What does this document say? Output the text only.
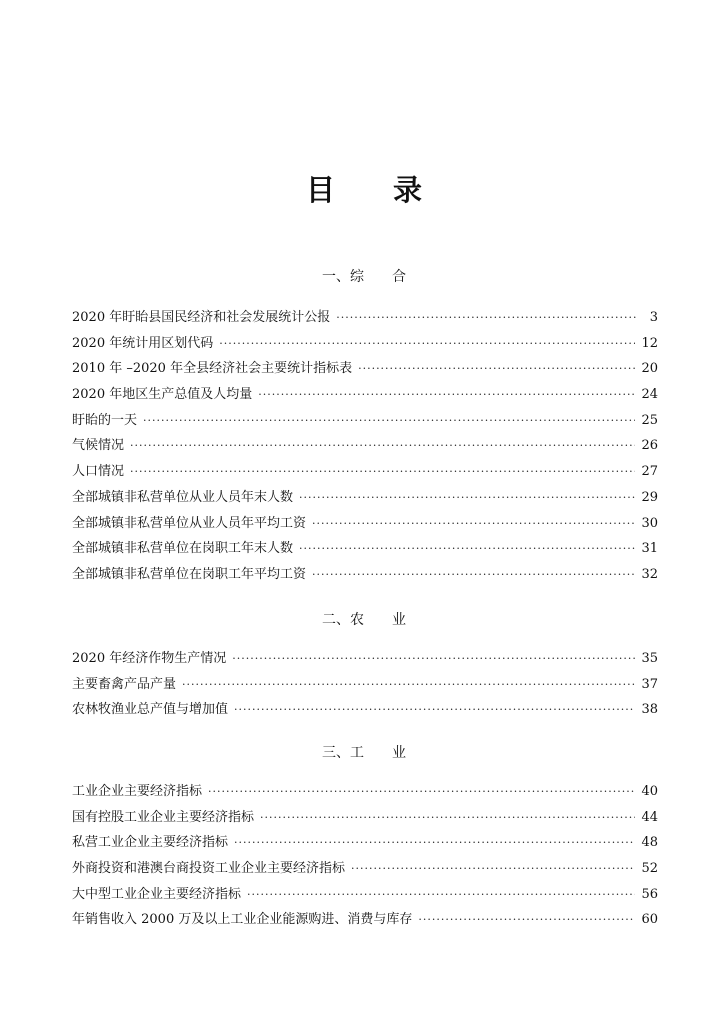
目 录
一、综　　合
2020 年盱眙县国民经济和社会发展统计公报 ·····	3
2020 年统计用区划代码 ·····	12
2010 年 –2020 年全县经济社会主要统计指标表 ·····	20
2020 年地区生产总值及人均量 ·····	24
盱眙的一天 ·····	25
气候情况 ·····	26
人口情况 ·····	27
全部城镇非私营单位从业人员年末人数 ·····	29
全部城镇非私营单位从业人员年平均工资 ·····	30
全部城镇非私营单位在岗职工年末人数 ·····	31
全部城镇非私营单位在岗职工年平均工资 ·····	32
二、农　　业
2020 年经济作物生产情况 ·····	35
主要畜禽产品产量 ·····	37
农林牧渔业总产值与增加值 ·····	38
三、工　　业
工业企业主要经济指标 ·····	40
国有控股工业企业主要经济指标 ·····	44
私营工业企业主要经济指标 ·····	48
外商投资和港澳台商投资工业企业主要经济指标 ·····	52
大中型工业企业主要经济指标 ·····	56
年销售收入 2000 万及以上工业企业能源购进、消费与库存 ·····	60
